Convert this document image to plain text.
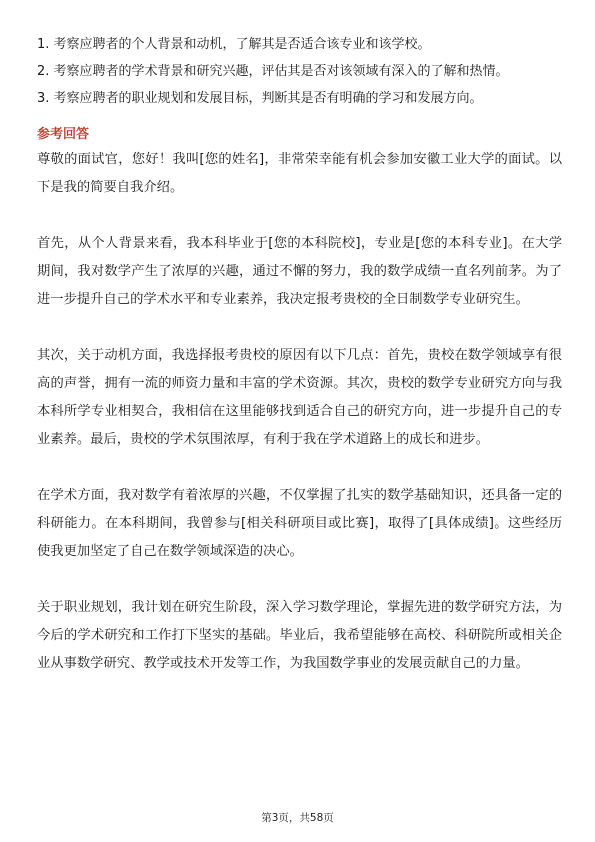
1. 考察应聘者的个人背景和动机，了解其是否适合该专业和该学校。
2. 考察应聘者的学术背景和研究兴趣，评估其是否对该领域有深入的了解和热情。
3. 考察应聘者的职业规划和发展目标，判断其是否有明确的学习和发展方向。
参考回答

尊敬的面试官，您好！我叫[您的姓名]，非常荣幸能有机会参加安徽工业大学的面试。以下是我的简要自我介绍。

首先，从个人背景来看，我本科毕业于[您的本科院校]，专业是[您的本科专业]。在大学期间，我对数学产生了浓厚的兴趣，通过不懈的努力，我的数学成绩一直名列前茅。为了进一步提升自己的学术水平和专业素养，我决定报考贵校的全日制数学专业研究生。

其次，关于动机方面，我选择报考贵校的原因有以下几点：首先，贵校在数学领域享有很高的声誉，拥有一流的师资力量和丰富的学术资源。其次，贵校的数学专业研究方向与我本科所学专业相契合，我相信在这里能够找到适合自己的研究方向，进一步提升自己的专业素养。最后，贵校的学术氛围浓厚，有利于我在学术道路上的成长和进步。

在学术方面，我对数学有着浓厚的兴趣，不仅掌握了扎实的数学基础知识，还具备一定的科研能力。在本科期间，我曾参与[相关科研项目或比赛]，取得了[具体成绩]。这些经历使我更加坚定了自己在数学领域深造的决心。

关于职业规划，我计划在研究生阶段，深入学习数学理论，掌握先进的数学研究方法，为今后的学术研究和工作打下坚实的基础。毕业后，我希望能够在高校、科研院所或相关企业从事数学研究、教学或技术开发等工作，为我国数学事业的发展贡献自己的力量。

第3页，共58页
